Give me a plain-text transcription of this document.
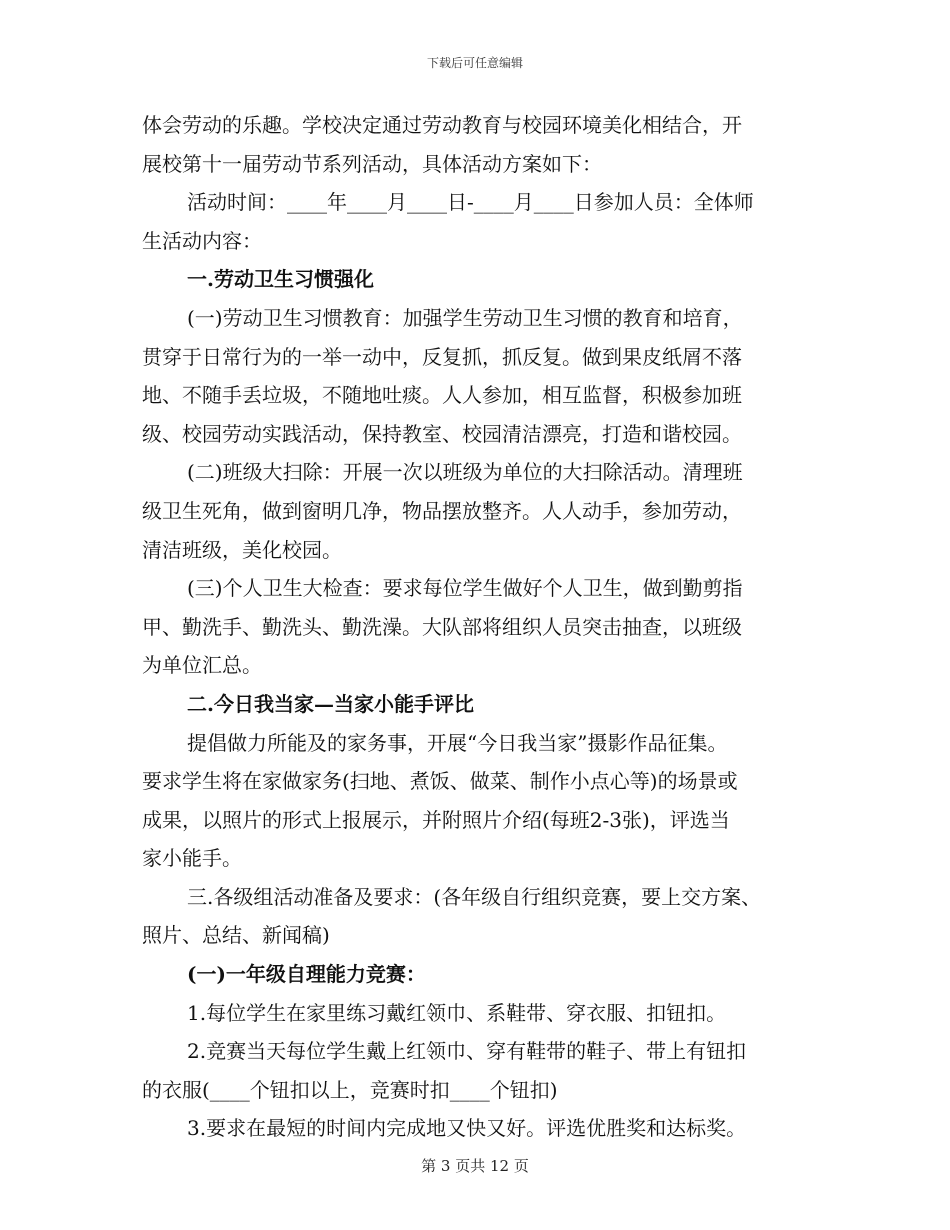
下载后可任意编辑
体会劳动的乐趣。学校决定通过劳动教育与校园环境美化相结合，开
展校第十一届劳动节系列活动，具体活动方案如下：
活动时间：____年____月____日-____月____日参加人员：全体师
生活动内容：
一.劳动卫生习惯强化
(一)劳动卫生习惯教育：加强学生劳动卫生习惯的教育和培育，
贯穿于日常行为的一举一动中，反复抓，抓反复。做到果皮纸屑不落
地、不随手丢垃圾，不随地吐痰。人人参加，相互监督，积极参加班
级、校园劳动实践活动，保持教室、校园清洁漂亮，打造和谐校园。
(二)班级大扫除：开展一次以班级为单位的大扫除活动。清理班
级卫生死角，做到窗明几净，物品摆放整齐。人人动手，参加劳动，
清洁班级，美化校园。
(三)个人卫生大检查：要求每位学生做好个人卫生，做到勤剪指
甲、勤洗手、勤洗头、勤洗澡。大队部将组织人员突击抽查，以班级
为单位汇总。
二.今日我当家—当家小能手评比
提倡做力所能及的家务事，开展“今日我当家”摄影作品征集。
要求学生将在家做家务(扫地、煮饭、做菜、制作小点心等)的场景或
成果，以照片的形式上报展示，并附照片介绍(每班2-3张)，评选当
家小能手。
三.各级组活动准备及要求：(各年级自行组织竞赛，要上交方案、
照片、总结、新闻稿)
(一)一年级自理能力竞赛：
1.每位学生在家里练习戴红领巾、系鞋带、穿衣服、扣钮扣。
2.竞赛当天每位学生戴上红领巾、穿有鞋带的鞋子、带上有钮扣
的衣服(____个钮扣以上，竞赛时扣____个钮扣)
3.要求在最短的时间内完成地又快又好。评选优胜奖和达标奖。
第 3 页共 12 页
